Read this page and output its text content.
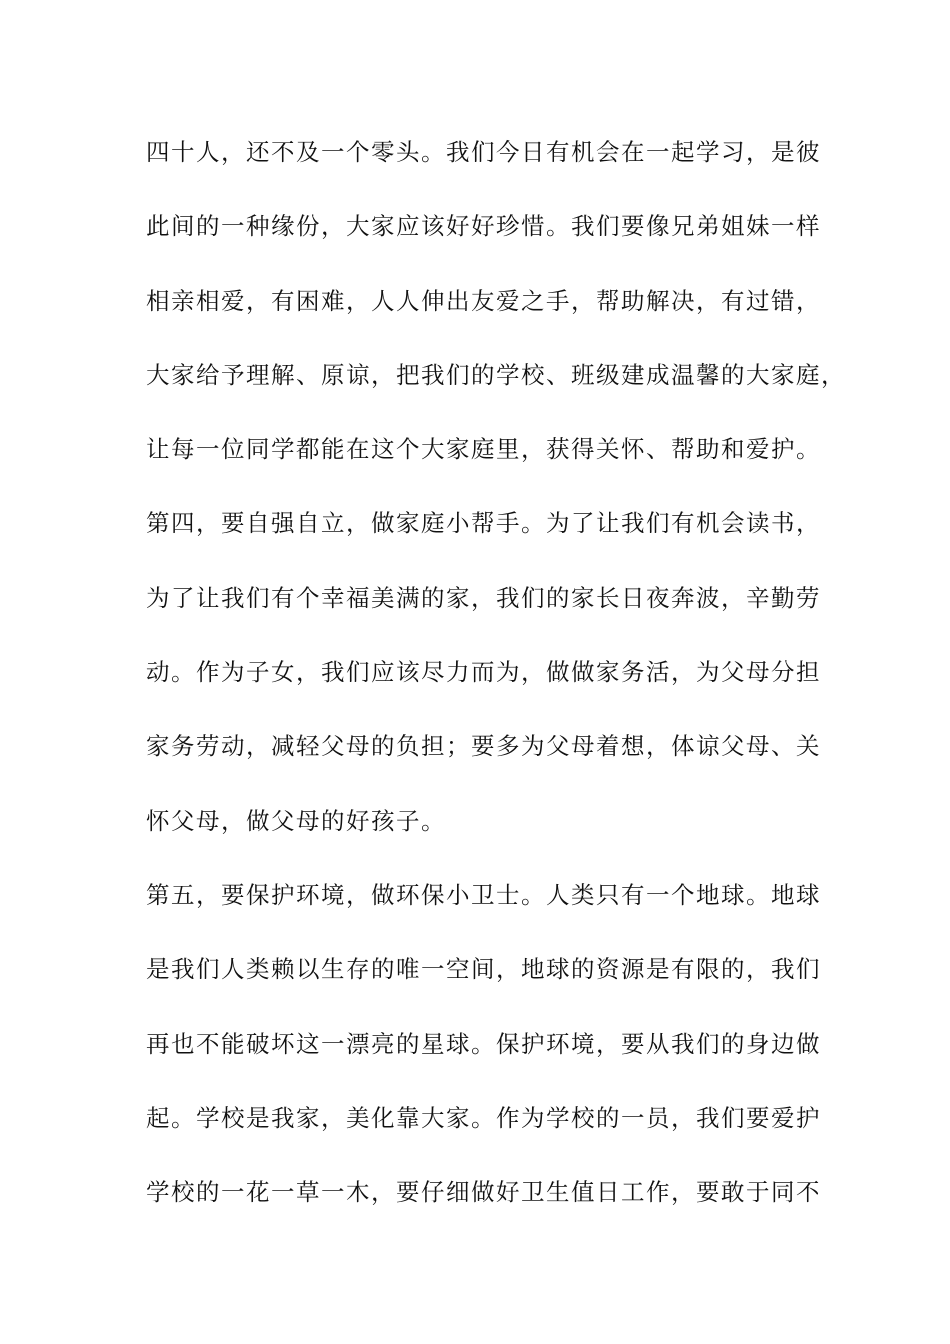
四十人，还不及一个零头。我们今日有机会在一起学习，是彼
此间的一种缘份，大家应该好好珍惜。我们要像兄弟姐妹一样
相亲相爱，有困难，人人伸出友爱之手，帮助解决，有过错，
大家给予理解、原谅，把我们的学校、班级建成温馨的大家庭，
让每一位同学都能在这个大家庭里，获得关怀、帮助和爱护。
第四，要自强自立，做家庭小帮手。为了让我们有机会读书，
为了让我们有个幸福美满的家，我们的家长日夜奔波，辛勤劳
动。作为子女，我们应该尽力而为，做做家务活，为父母分担
家务劳动，减轻父母的负担；要多为父母着想，体谅父母、关
怀父母，做父母的好孩子。
第五，要保护环境，做环保小卫士。人类只有一个地球。地球
是我们人类赖以生存的唯一空间，地球的资源是有限的，我们
再也不能破坏这一漂亮的星球。保护环境，要从我们的身边做
起。学校是我家，美化靠大家。作为学校的一员，我们要爱护
学校的一花一草一木，要仔细做好卫生值日工作，要敢于同不
